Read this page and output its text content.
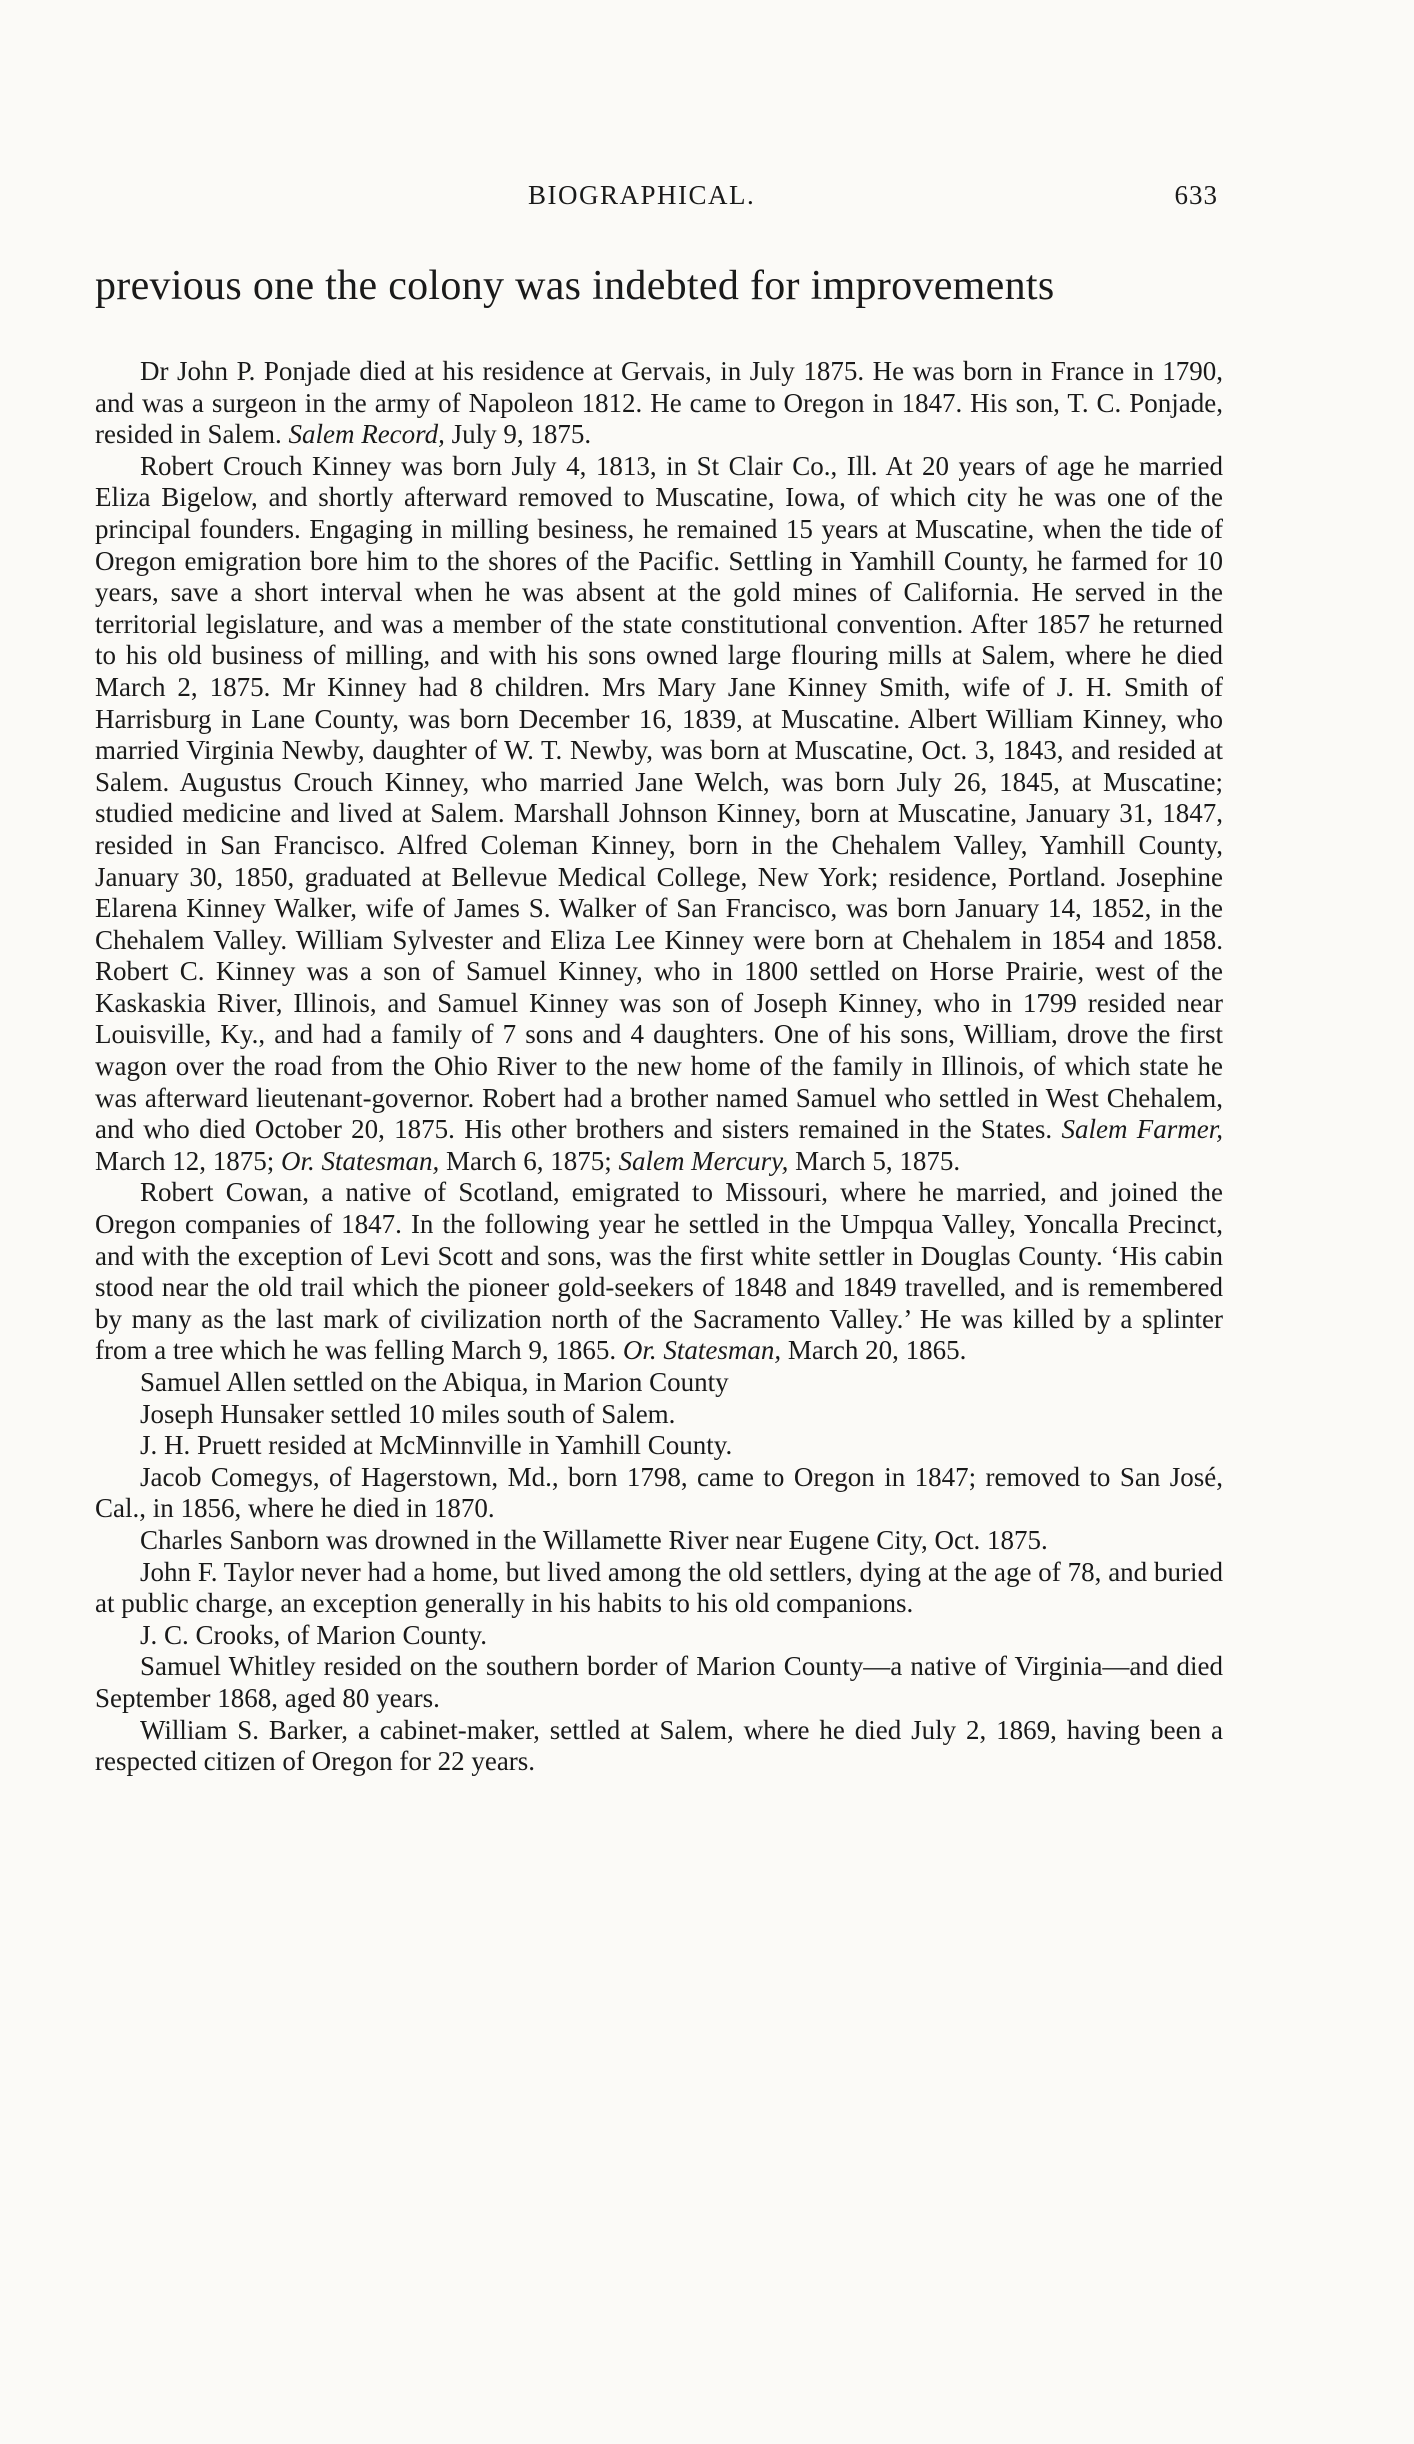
BIOGRAPHICAL.	633
previous one the colony was indebted for improvements

Dr John P. Ponjade died at his residence at Gervais, in July 1875. He was born in France in 1790, and was a surgeon in the army of Napoleon 1812. He came to Oregon in 1847. His son, T. C. Ponjade, resided in Salem. Salem Record, July 9, 1875.

Robert Crouch Kinney was born July 4, 1813, in St Clair Co., Ill. At 20 years of age he married Eliza Bigelow, and shortly afterward removed to Muscatine, Iowa, of which city he was one of the principal founders. Engaging in milling besiness, he remained 15 years at Muscatine, when the tide of Oregon emigration bore him to the shores of the Pacific. Settling in Yamhill County, he farmed for 10 years, save a short interval when he was absent at the gold mines of California. He served in the territorial legislature, and was a member of the state constitutional convention. After 1857 he returned to his old business of milling, and with his sons owned large flouring mills at Salem, where he died March 2, 1875. Mr Kinney had 8 children. Mrs Mary Jane Kinney Smith, wife of J. H. Smith of Harrisburg in Lane County, was born December 16, 1839, at Muscatine. Albert William Kinney, who married Virginia Newby, daughter of W. T. Newby, was born at Muscatine, Oct. 3, 1843, and resided at Salem. Augustus Crouch Kinney, who married Jane Welch, was born July 26, 1845, at Muscatine; studied medicine and lived at Salem. Marshall Johnson Kinney, born at Muscatine, January 31, 1847, resided in San Francisco. Alfred Coleman Kinney, born in the Chehalem Valley, Yamhill County, January 30, 1850, graduated at Bellevue Medical College, New York; residence, Portland. Josephine Elarena Kinney Walker, wife of James S. Walker of San Francisco, was born January 14, 1852, in the Chehalem Valley. William Sylvester and Eliza Lee Kinney were born at Chehalem in 1854 and 1858. Robert C. Kinney was a son of Samuel Kinney, who in 1800 settled on Horse Prairie, west of the Kaskaskia River, Illinois, and Samuel Kinney was son of Joseph Kinney, who in 1799 resided near Louisville, Ky., and had a family of 7 sons and 4 daughters. One of his sons, William, drove the first wagon over the road from the Ohio River to the new home of the family in Illinois, of which state he was afterward lieutenant-governor. Robert had a brother named Samuel who settled in West Chehalem, and who died October 20, 1875. His other brothers and sisters remained in the States. Salem Farmer, March 12, 1875; Or. Statesman, March 6, 1875; Salem Mercury, March 5, 1875.

Robert Cowan, a native of Scotland, emigrated to Missouri, where he married, and joined the Oregon companies of 1847. In the following year he settled in the Umpqua Valley, Yoncalla Precinct, and with the exception of Levi Scott and sons, was the first white settler in Douglas County. ‘His cabin stood near the old trail which the pioneer gold-seekers of 1848 and 1849 travelled, and is remembered by many as the last mark of civilization north of the Sacramento Valley.’ He was killed by a splinter from a tree which he was felling March 9, 1865. Or. Statesman, March 20, 1865.

Samuel Allen settled on the Abiqua, in Marion County

Joseph Hunsaker settled 10 miles south of Salem.

J. H. Pruett resided at McMinnville in Yamhill County.

Jacob Comegys, of Hagerstown, Md., born 1798, came to Oregon in 1847; removed to San José, Cal., in 1856, where he died in 1870.

Charles Sanborn was drowned in the Willamette River near Eugene City, Oct. 1875.

John F. Taylor never had a home, but lived among the old settlers, dying at the age of 78, and buried at public charge, an exception generally in his habits to his old companions.

J. C. Crooks, of Marion County.

Samuel Whitley resided on the southern border of Marion County—a native of Virginia—and died September 1868, aged 80 years.

William S. Barker, a cabinet-maker, settled at Salem, where he died July 2, 1869, having been a respected citizen of Oregon for 22 years.
